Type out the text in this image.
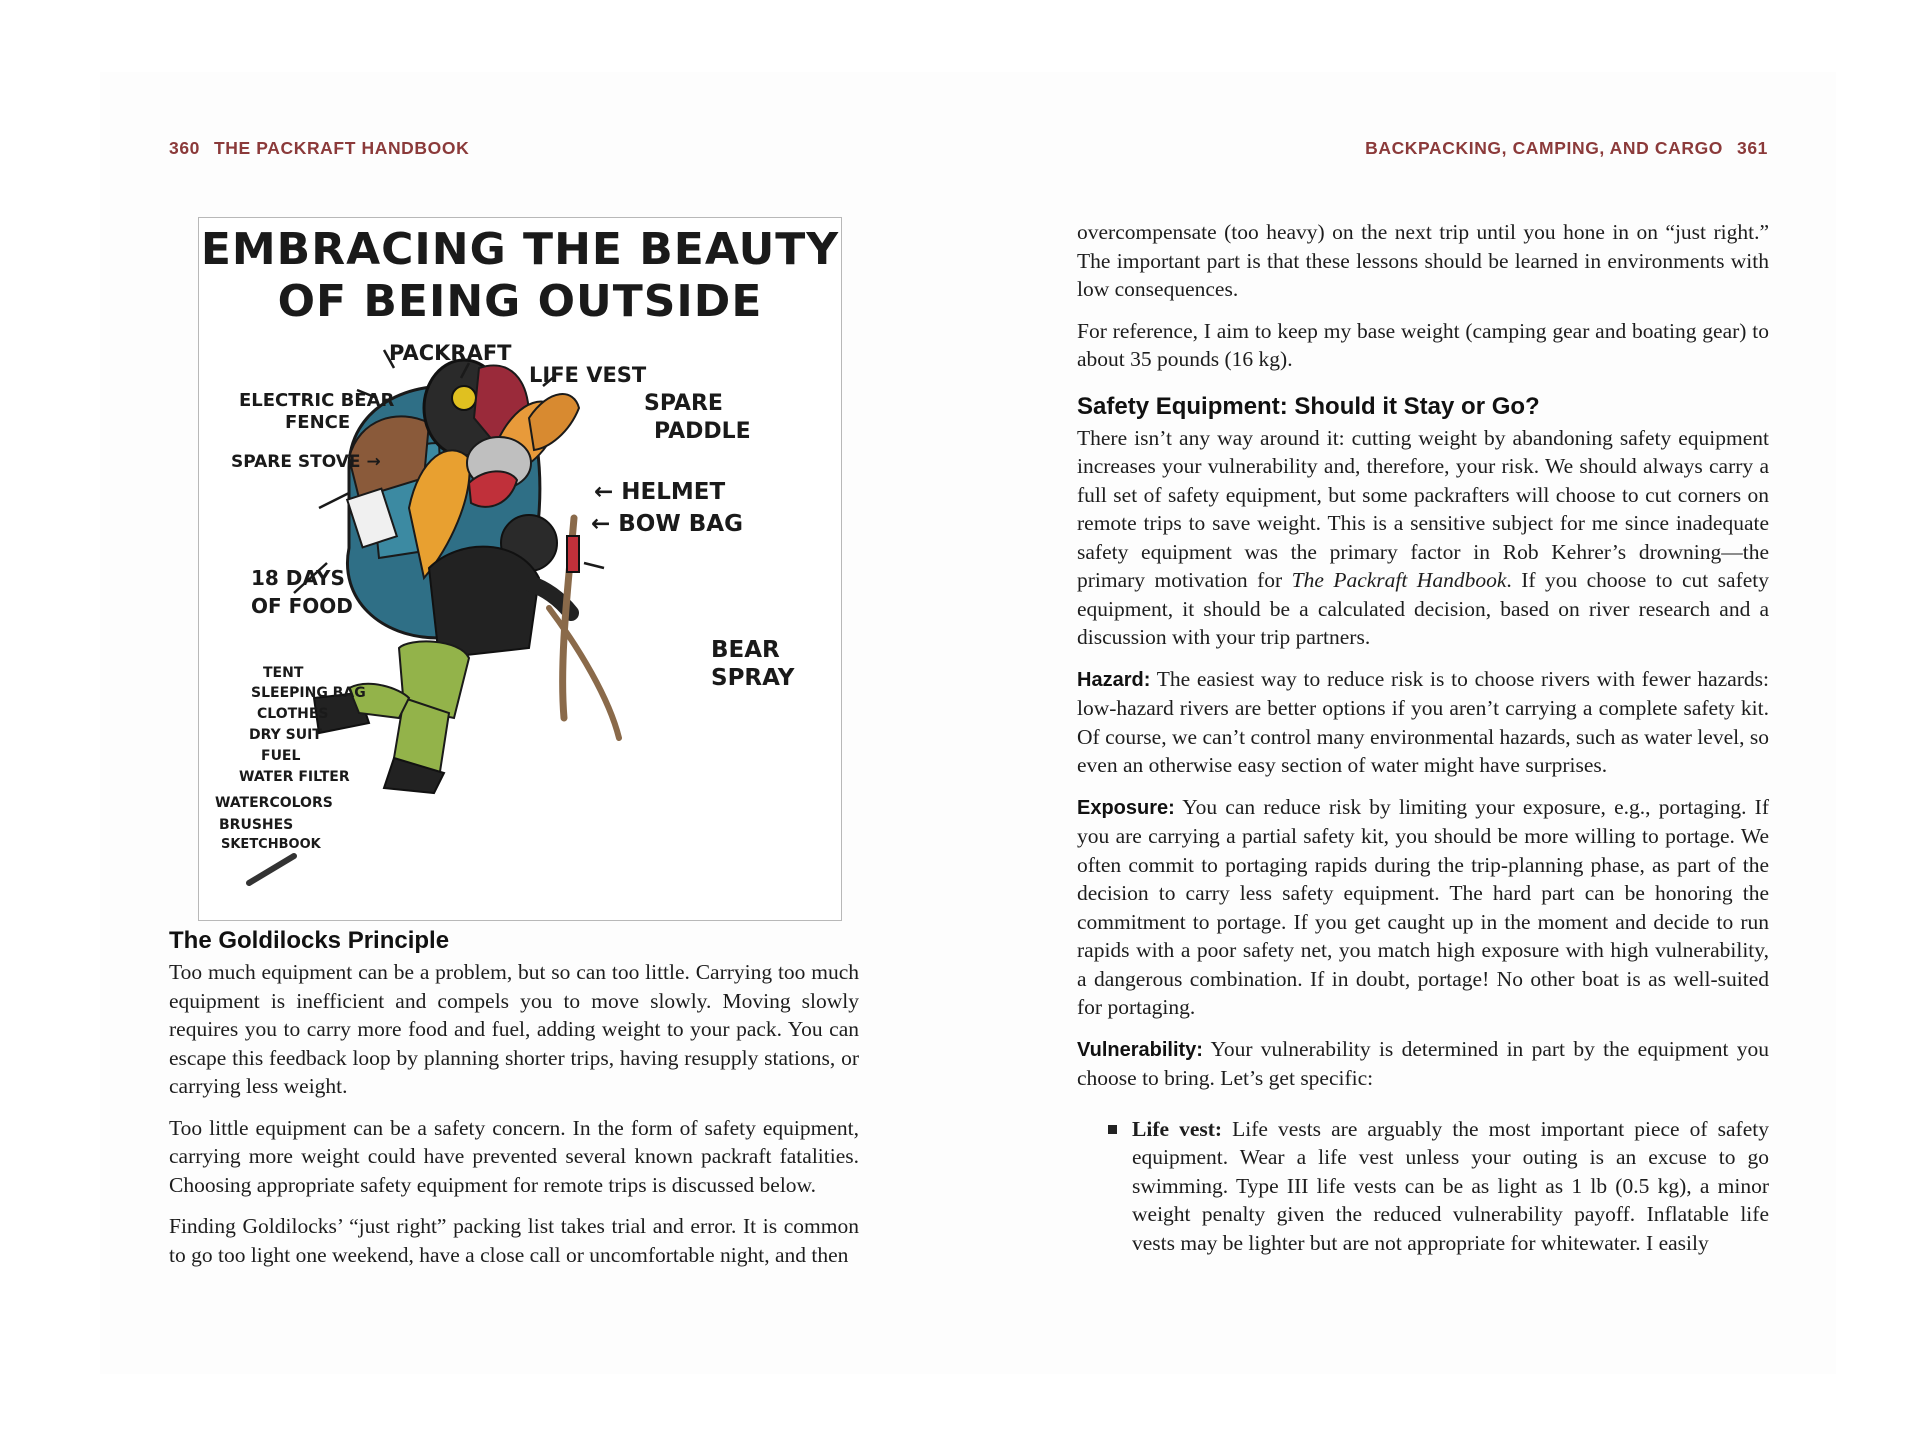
360 THE PACKRAFT HANDBOOK	BACKPACKING, CAMPING, AND CARGO 361
EMBRACING THE BEAUTY
OF BEING OUTSIDE
PACKRAFT
LIFE VEST
ELECTRIC BEAR
FENCE
SPARE
PADDLE
SPARE STOVE →
← HELMET
← BOW BAG
18 DAYS
OF FOOD
BEAR
SPRAY
TENT
SLEEPING BAG
CLOTHES
DRY SUIT
FUEL
WATER FILTER
WATERCOLORS
BRUSHES
SKETCHBOOK
The Goldilocks Principle

Too much equipment can be a problem, but so can too little. Carrying too much equipment is inefficient and compels you to move slowly. Moving slowly requires you to carry more food and fuel, adding weight to your pack. You can escape this feedback loop by planning shorter trips, having resupply stations, or carrying less weight.

Too little equipment can be a safety concern. In the form of safety equipment, carrying more weight could have prevented several known packraft fatalities. Choosing appropriate safety equipment for remote trips is discussed below.

Finding Goldilocks’ “just right” packing list takes trial and error. It is common to go too light one weekend, have a close call or uncomfortable night, and then

overcompensate (too heavy) on the next trip until you hone in on “just right.” The important part is that these lessons should be learned in environments with low consequences.

For reference, I aim to keep my base weight (camping gear and boating gear) to about 35 pounds (16 kg).

Safety Equipment: Should it Stay or Go?

There isn’t any way around it: cutting weight by abandoning safety equipment increases your vulnerability and, therefore, your risk. We should always carry a full set of safety equipment, but some packrafters will choose to cut corners on remote trips to save weight. This is a sensitive subject for me since inadequate safety equipment was the primary factor in Rob Kehrer’s drowning—the primary motivation for The Packraft Handbook. If you choose to cut safety equipment, it should be a calculated decision, based on river research and a discussion with your trip partners.

Hazard: The easiest way to reduce risk is to choose rivers with fewer hazards: low-hazard rivers are better options if you aren’t carrying a complete safety kit. Of course, we can’t control many environmental hazards, such as water level, so even an otherwise easy section of water might have surprises.

Exposure: You can reduce risk by limiting your exposure, e.g., portaging. If you are carrying a partial safety kit, you should be more willing to portage. We often commit to portaging rapids during the trip-planning phase, as part of the decision to carry less safety equipment. The hard part can be honoring the commitment to portage. If you get caught up in the moment and decide to run rapids with a poor safety net, you match high exposure with high vulnerability, a dangerous combination. If in doubt, portage! No other boat is as well-suited for portaging.

Vulnerability: Your vulnerability is determined in part by the equipment you choose to bring. Let’s get specific:

Life vest: Life vests are arguably the most important piece of safety equipment. Wear a life vest unless your outing is an excuse to go swimming. Type III life vests can be as light as 1 lb (0.5 kg), a minor weight penalty given the reduced vulnerability payoff. Inflatable life vests may be lighter but are not appropriate for whitewater. I easily
